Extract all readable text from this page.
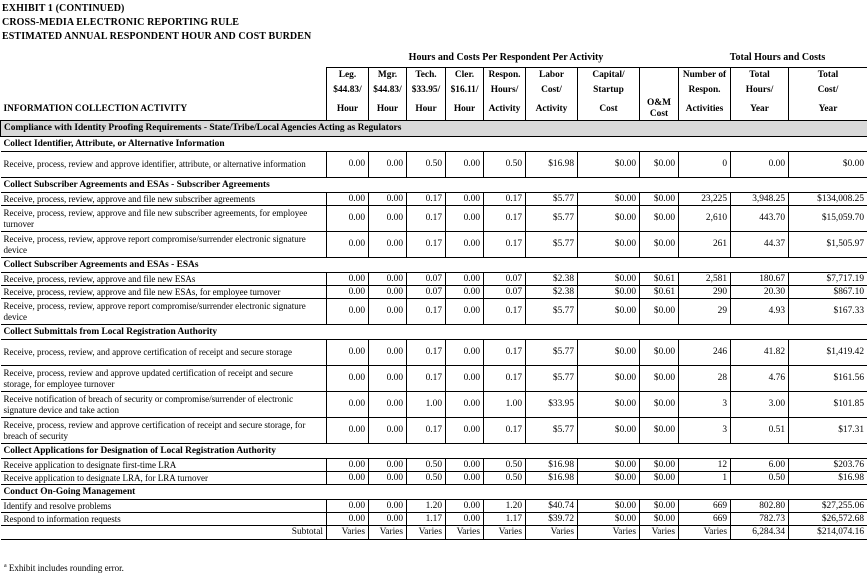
EXHIBIT 1 (CONTINUED)
CROSS-MEDIA ELECTRONIC REPORTING RULE
ESTIMATED ANNUAL RESPONDENT HOUR AND COST BURDEN
Hours and Costs Per Respondent Per Activity	Total Hours and Costs
	Leg.	Mgr.	Tech.	Cler.	Respon.	Labor	Capital/		Number of	Total	Total
	$44.83/	$44.83/	$33.95/	$16.11/	Hours/	Cost/	Startup		Respon.	Hours/	Cost/
INFORMATION COLLECTION ACTIVITY	Hour	Hour	Hour	Hour	Activity	Activity	Cost	O&M Cost	Activities	Year	Year
Compliance with Identity Proofing Requirements - State/Tribe/Local Agencies Acting as Regulators											
Collect Identifier, Attribute, or Alternative Information											
Receive, process, review and approve identifier, attribute, or alternative information	0.00	0.00	0.50	0.00	0.50	$16.98	$0.00	$0.00	0	0.00	$0.00
Collect Subscriber Agreements and ESAs - Subscriber Agreements											
Receive, process, review, approve and file new subscriber agreements	0.00	0.00	0.17	0.00	0.17	$5.77	$0.00	$0.00	23,225	3,948.25	$134,008.25
Receive, process, review, approve and file new subscriber agreements, for employee turnover	0.00	0.00	0.17	0.00	0.17	$5.77	$0.00	$0.00	2,610	443.70	$15,059.70
Receive, process, review, approve report compromise/surrender electronic signature device	0.00	0.00	0.17	0.00	0.17	$5.77	$0.00	$0.00	261	44.37	$1,505.97
Collect Subscriber Agreements and ESAs - ESAs											
Receive, process, review, approve and file new ESAs	0.00	0.00	0.07	0.00	0.07	$2.38	$0.00	$0.61	2,581	180.67	$7,717.19
Receive, process, review, approve and file new ESAs, for employee turnover	0.00	0.00	0.07	0.00	0.07	$2.38	$0.00	$0.61	290	20.30	$867.10
Receive, process, review, approve report compromise/surrender electronic signature device	0.00	0.00	0.17	0.00	0.17	$5.77	$0.00	$0.00	29	4.93	$167.33
Collect Submittals from Local Registration Authority											
Receive, process, review, and approve certification of receipt and secure storage	0.00	0.00	0.17	0.00	0.17	$5.77	$0.00	$0.00	246	41.82	$1,419.42
Receive, process, review and approve updated certification of receipt and secure storage, for employee turnover	0.00	0.00	0.17	0.00	0.17	$5.77	$0.00	$0.00	28	4.76	$161.56
Receive notification of breach of security or compromise/surrender of electronic signature device and take action	0.00	0.00	1.00	0.00	1.00	$33.95	$0.00	$0.00	3	3.00	$101.85
Receive, process, review and approve certification of receipt and secure storage, for breach of security	0.00	0.00	0.17	0.00	0.17	$5.77	$0.00	$0.00	3	0.51	$17.31
Collect Applications for Designation of Local Registration Authority											
Receive application to designate first-time LRA	0.00	0.00	0.50	0.00	0.50	$16.98	$0.00	$0.00	12	6.00	$203.76
Receive application to designate LRA, for LRA turnover	0.00	0.00	0.50	0.00	0.50	$16.98	$0.00	$0.00	1	0.50	$16.98
Conduct On-Going Management											
Identify and resolve problems	0.00	0.00	1.20	0.00	1.20	$40.74	$0.00	$0.00	669	802.80	$27,255.06
Respond to information requests	0.00	0.00	1.17	0.00	1.17	$39.72	$0.00	$0.00	669	782.73	$26,572.68
Subtotal	Varies	Varies	Varies	Varies	Varies	Varies	Varies	Varies	Varies	6,284.34	$214,074.16
$^a$ Exhibit includes rounding error.
